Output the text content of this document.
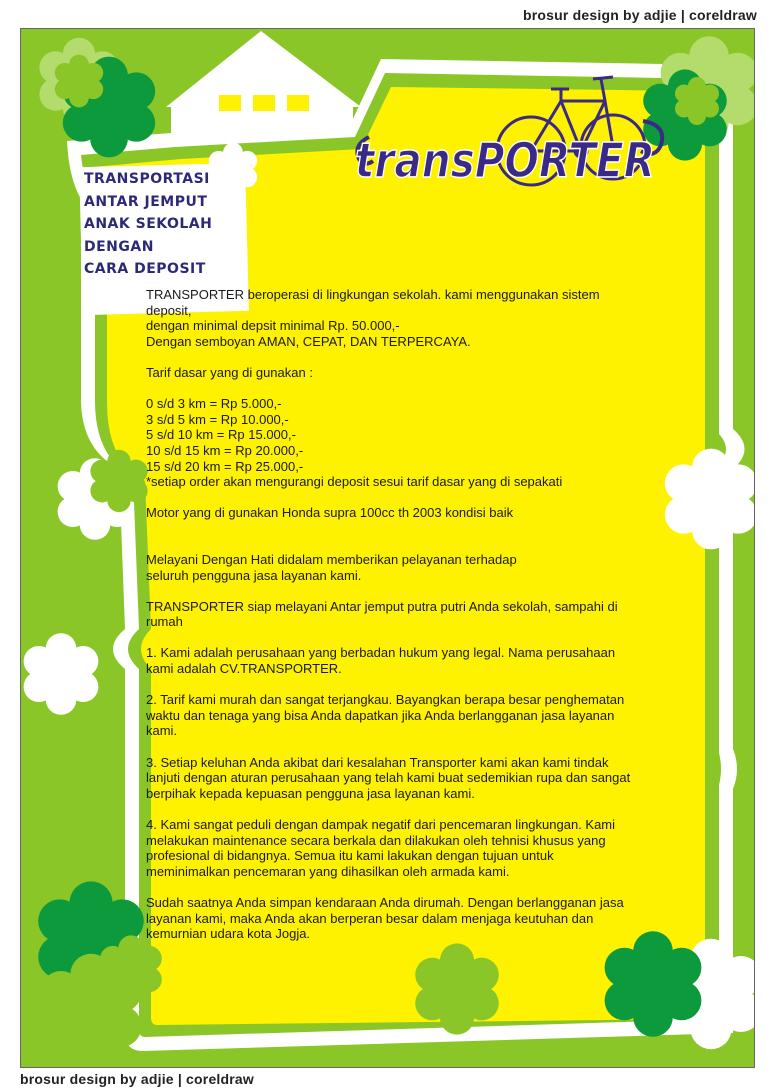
brosur design by adjie | coreldraw
transPORTER
TRANSPORTASI
ANTAR JEMPUT
ANAK SEKOLAH
DENGAN
CARA DEPOSIT

TRANSPORTER beroperasi di lingkungan sekolah. kami menggunakan sistem

deposit,

dengan minimal depsit minimal Rp. 50.000,-

Dengan semboyan AMAN, CEPAT, DAN TERPERCAYA.

Tarif dasar yang di gunakan :

0 s/d 3 km = Rp 5.000,-

3 s/d 5 km = Rp 10.000,-

5 s/d 10 km = Rp 15.000,-

10 s/d 15 km = Rp 20.000,-

15 s/d 20 km = Rp 25.000,-

*setiap order akan mengurangi deposit sesui tarif dasar yang di sepakati

Motor yang di gunakan Honda supra 100cc th 2003 kondisi baik

Melayani Dengan Hati didalam memberikan pelayanan terhadap

seluruh pengguna jasa layanan kami.

TRANSPORTER siap melayani Antar jemput putra putri Anda sekolah, sampahi di

rumah

1. Kami adalah perusahaan yang berbadan hukum yang legal. Nama perusahaan

kami adalah CV.TRANSPORTER.

2. Tarif kami murah dan sangat terjangkau. Bayangkan berapa besar penghematan

waktu dan tenaga yang bisa Anda dapatkan jika Anda berlangganan jasa layanan

kami.

3. Setiap keluhan Anda akibat dari kesalahan Transporter kami akan kami tindak

lanjuti dengan aturan perusahaan yang telah kami buat sedemikian rupa dan sangat

berpihak kepada kepuasan pengguna jasa layanan kami.

4. Kami sangat peduli dengan dampak negatif dari pencemaran lingkungan. Kami

melakukan maintenance secara berkala dan dilakukan oleh tehnisi khusus yang

profesional di bidangnya. Semua itu kami lakukan dengan tujuan untuk

meminimalkan pencemaran yang dihasilkan oleh armada kami.

Sudah saatnya Anda simpan kendaraan Anda dirumah. Dengan berlangganan jasa

layanan kami, maka Anda akan berperan besar dalam menjaga keutuhan dan

kemurnian udara kota Jogja.

brosur design by adjie | coreldraw
